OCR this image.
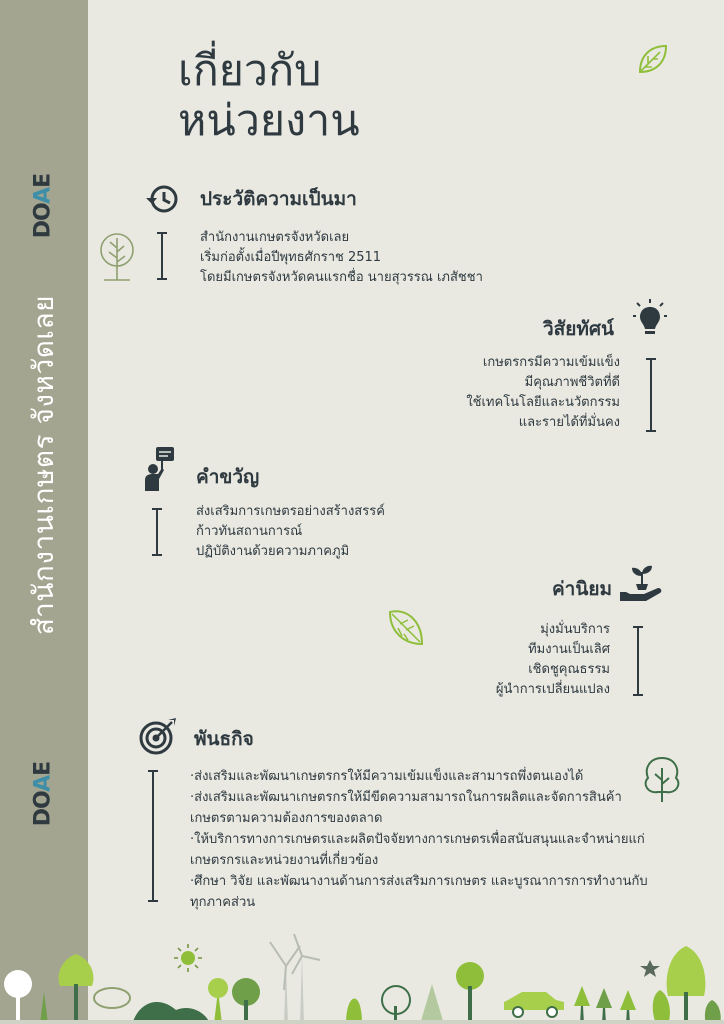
DOAE
สำนักงานเกษตร จังหวัดเลย
DOAE
เกี่ยวกับ
หน่วยงาน
ประวัติความเป็นมา
สำนักงานเกษตรจังหวัดเลย
เริ่มก่อตั้งเมื่อปีพุทธศักราช 2511
โดยมีเกษตรจังหวัดคนแรกชื่อ นายสุวรรณ เภสัชชา
วิสัยทัศน์
เกษตรกรมีความเข้มแข็ง
มีคุณภาพชีวิตที่ดี
ใช้เทคโนโลยีและนวัตกรรม
และรายได้ที่มั่นคง
คำขวัญ
ส่งเสริมการเกษตรอย่างสร้างสรรค์
ก้าวทันสถานการณ์
ปฏิบัติงานด้วยความภาคภูมิ
ค่านิยม
มุ่งมั่นบริการ
ทีมงานเป็นเลิศ
เชิดชูคุณธรรม
ผู้นำการเปลี่ยนแปลง
พันธกิจ
·ส่งเสริมและพัฒนาเกษตรกรให้มีความเข้มแข็งและสามารถพึ่งตนเองได้
·ส่งเสริมและพัฒนาเกษตรกรให้มีขีดความสามารถในการผลิตและจัดการสินค้า
เกษตรตามความต้องการของตลาด
·ให้บริการทางการเกษตรและผลิตปัจจัยทางการเกษตรเพื่อสนับสนุนและจำหน่ายแก่
เกษตรกรและหน่วยงานที่เกี่ยวข้อง
·ศึกษา วิจัย และพัฒนางานด้านการส่งเสริมการเกษตร และบูรณาการการทำงานกับ
ทุกภาคส่วน
